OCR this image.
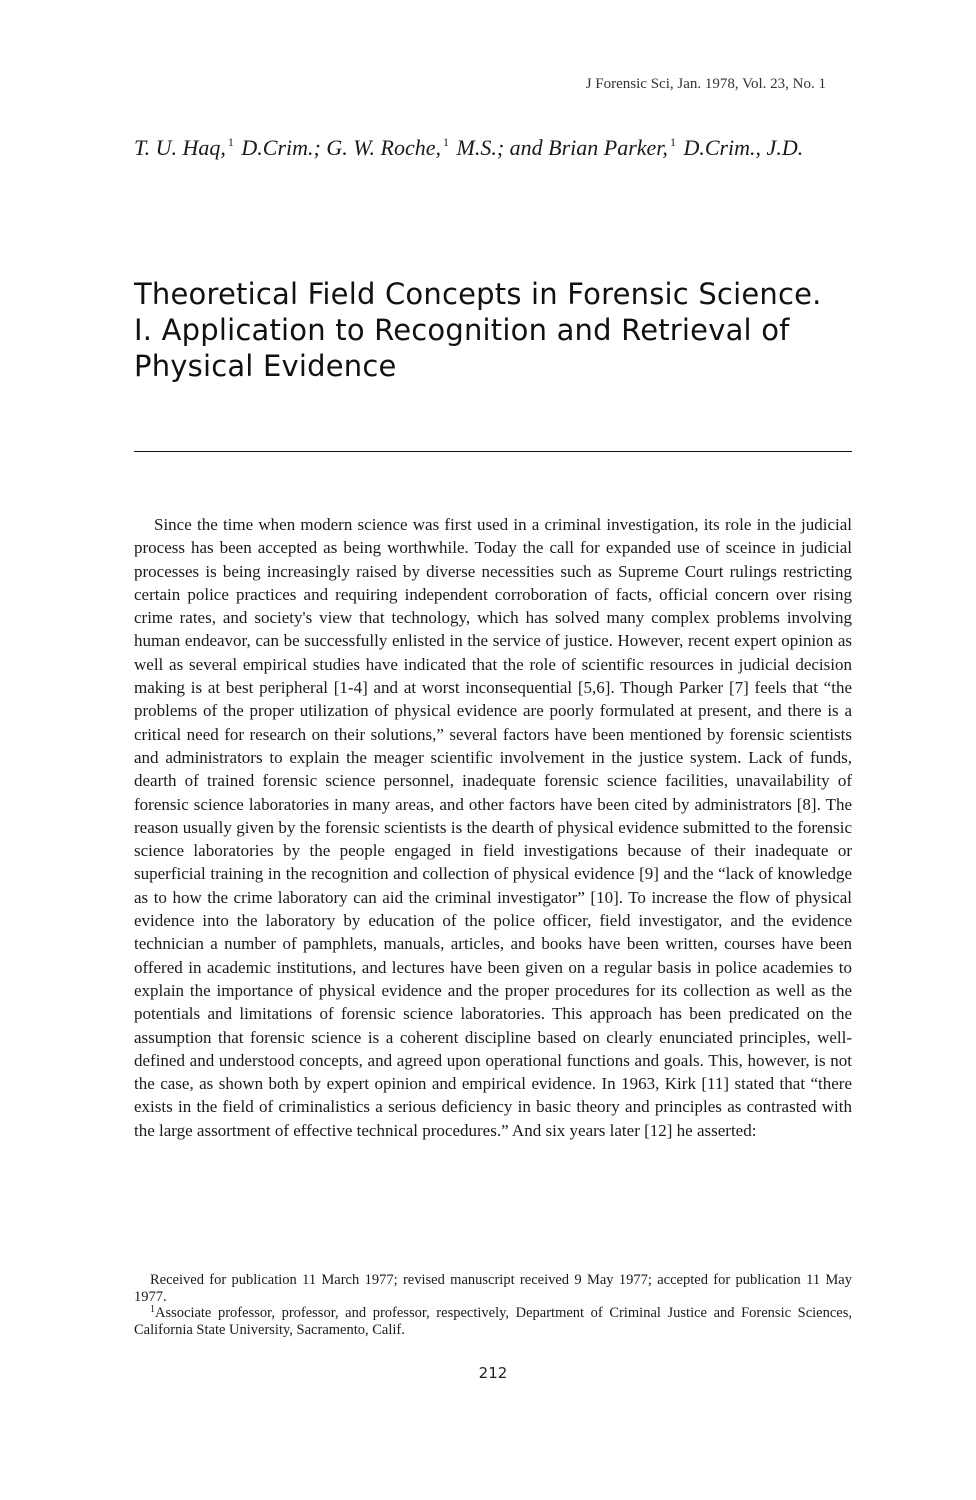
J Forensic Sci, Jan. 1978, Vol. 23, No. 1
T. U. Haq, $^1$ D.Crim.; G. W. Roche, $^1$ M.S.; and Brian Parker, $^1$ D.Crim., J.D.
Theoretical Field Concepts in Forensic Science.
I. Application to Recognition and Retrieval of
Physical Evidence

Since the time when modern science was first used in a criminal investigation, its role in the judicial process has been accepted as being worthwhile. Today the call for expanded use of sceince in judicial processes is being increasingly raised by diverse necessities such as Supreme Court rulings restricting certain police practices and requiring independent corroboration of facts, official concern over rising crime rates, and society's view that technology, which has solved many complex problems involving human endeavor, can be successfully enlisted in the service of justice. However, recent expert opinion as well as several empirical studies have indicated that the role of scientific resources in judicial decision making is at best peripheral [1-4] and at worst inconsequential [5,6]. Though Parker [7] feels that “the problems of the proper utilization of physical evidence are poorly formulated at present, and there is a critical need for research on their solutions,” several factors have been mentioned by forensic scientists and administrators to explain the meager scientific involvement in the justice system. Lack of funds, dearth of trained forensic science personnel, inadequate forensic science facilities, unavailability of forensic science laboratories in many areas, and other factors have been cited by administrators [8]. The reason usually given by the forensic scientists is the dearth of physical evidence submitted to the forensic science laboratories by the people engaged in field investigations because of their inadequate or superficial training in the recognition and collection of physical evidence [9] and the “lack of knowledge as to how the crime laboratory can aid the criminal investigator” [10]. To increase the flow of physical evidence into the laboratory by education of the police officer, field investigator, and the evidence technician a number of pamphlets, manuals, articles, and books have been written, courses have been offered in academic institutions, and lectures have been given on a regular basis in police academies to explain the importance of physical evidence and the proper procedures for its collection as well as the potentials and limitations of forensic science laboratories. This approach has been predicated on the assumption that forensic science is a coherent discipline based on clearly enunciated principles, well-defined and understood concepts, and agreed upon operational functions and goals. This, however, is not the case, as shown both by expert opinion and empirical evidence. In 1963, Kirk [11] stated that “there exists in the field of criminalistics a serious deficiency in basic theory and principles as contrasted with the large assortment of effective technical procedures.” And six years later [12] he asserted:

Received for publication 11 March 1977; revised manuscript received 9 May 1977; accepted for publication 11 May 1977.

$^1$Associate professor, professor, and professor, respectively, Department of Criminal Justice and Forensic Sciences, California State University, Sacramento, Calif.

212
